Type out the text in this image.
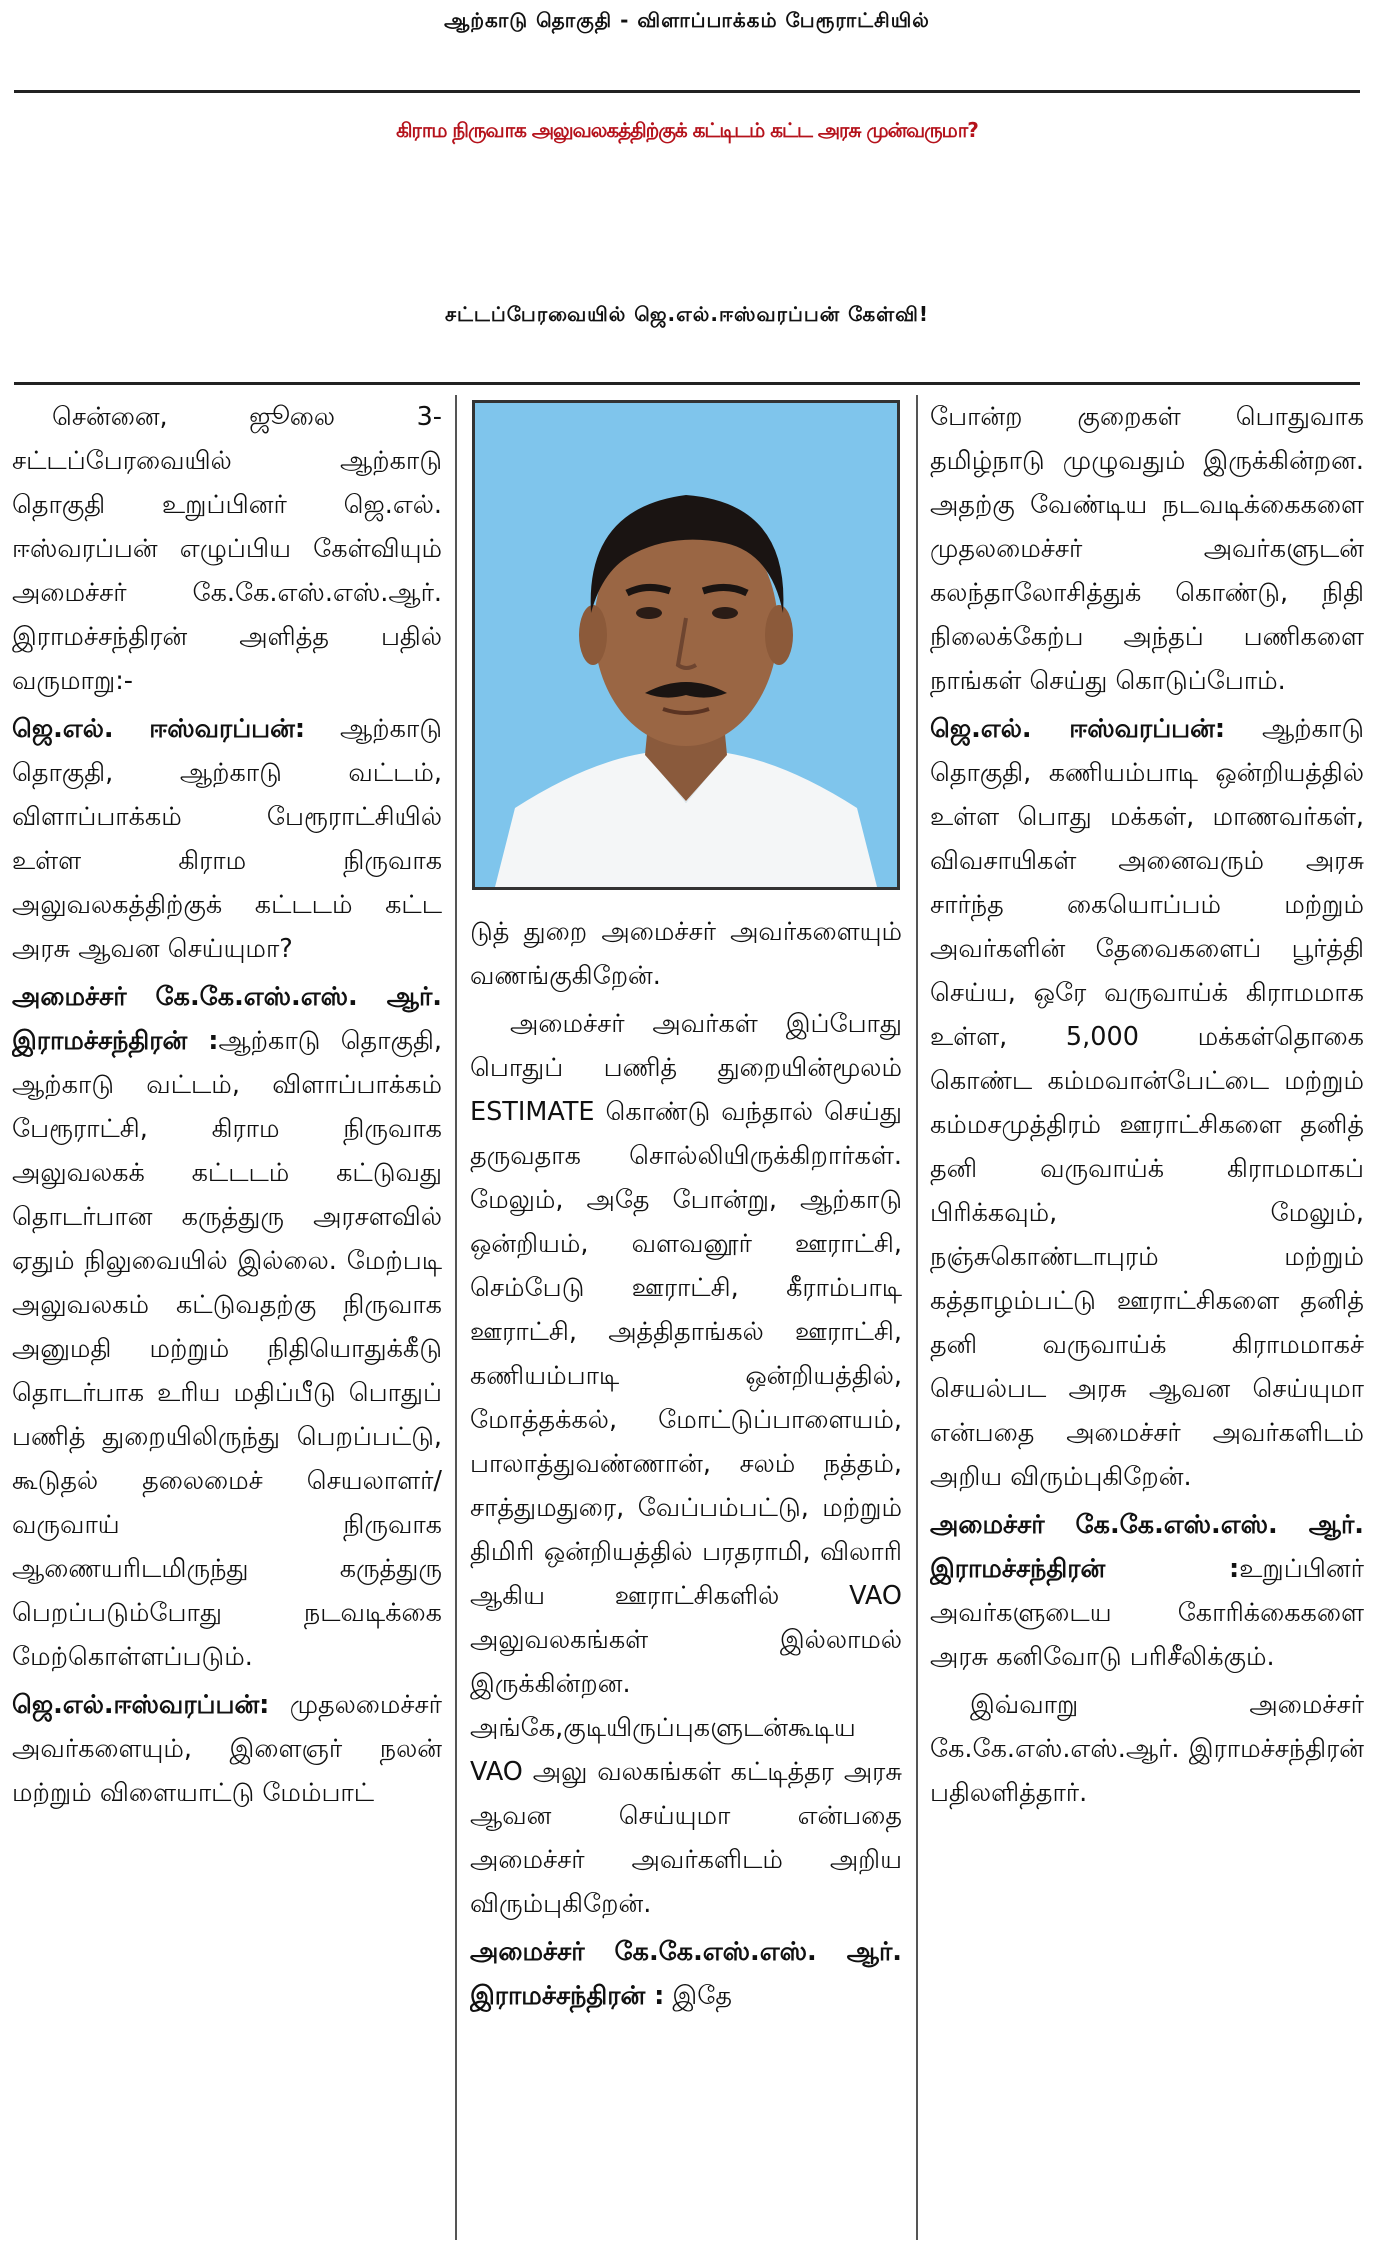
ஆற்காடு தொகுதி - விளாப்பாக்கம் பேரூராட்சியில்
கிராம நிருவாக அலுவலகத்திற்குக் கட்டிடம் கட்ட அரசு முன்வருமா?
சட்டப்பேரவையில் ஜெ.எல்.ஈஸ்வரப்பன் கேள்வி!

சென்னை, ஜூலை 3- சட்டப்பேரவையில் ஆற்காடு தொகுதி உறுப்பினர் ஜெ.எல். ஈஸ்வரப்பன் எழுப்பிய கேள்வியும் அமைச்சர் கே.கே.எஸ்.எஸ்.ஆர். இராமச்சந்திரன் அளித்த பதில் வருமாறு:-

ஜெ.எல். ஈஸ்வரப்பன்: ஆற்காடு தொகுதி, ஆற்காடு வட்டம், விளாப்பாக்கம் பேரூராட்சியில் உள்ள கிராம நிருவாக அலுவலகத்திற்குக் கட்டடம் கட்ட அரசு ஆவன செய்யுமா?

அமைச்சர் கே.கே.எஸ்.எஸ். ஆர். இராமச்சந்திரன் :ஆற்காடு தொகுதி, ஆற்காடு வட்டம், விளாப்பாக்கம் பேரூராட்சி, கிராம நிருவாக அலுவலகக் கட்டடம் கட்டுவது தொடர்பான கருத்துரு அரசளவில் ஏதும் நிலுவையில் இல்லை. மேற்படி அலுவலகம் கட்டுவதற்கு நிருவாக அனுமதி மற்றும் நிதியொதுக்கீடு தொடர்பாக உரிய மதிப்பீடு பொதுப் பணித் துறையிலிருந்து பெறப்பட்டு, கூடுதல் தலைமைச் செயலாளர்/வருவாய் நிருவாக ஆணையரிடமிருந்து கருத்துரு பெறப்படும்போது நடவடிக்கை மேற்கொள்ளப்படும்.

ஜெ.எல்.ஈஸ்வரப்பன்: முதலமைச்சர் அவர்களையும், இளைஞர் நலன் மற்றும் விளையாட்டு மேம்பாட்

டுத் துறை அமைச்சர் அவர்களையும் வணங்குகிறேன்.

அமைச்சர் அவர்கள் இப்போது பொதுப் பணித் துறையின்மூலம் ESTIMATE கொண்டு வந்தால் செய்து தருவதாக சொல்லியிருக்கிறார்கள். மேலும், அதே போன்று, ஆற்காடு ஒன்றியம், வளவனூர் ஊராட்சி, செம்பேடு ஊராட்சி, கீராம்பாடி ஊராட்சி, அத்திதாங்கல் ஊராட்சி, கணியம்பாடி ஒன்றியத்தில், மோத்தக்கல், மோட்டுப்பாளையம், பாலாத்துவண்ணான், சலம் நத்தம், சாத்துமதுரை, வேப்பம்பட்டு, மற்றும் திமிரி ஒன்றியத்தில் பரதராமி, விலாரி ஆகிய ஊராட்சிகளில் VAO அலுவலகங்கள் இல்லாமல் இருக்கின்றன. அங்கே,குடியிருப்புகளுடன்கூடிய VAO அலு வலகங்கள் கட்டித்தர அரசு ஆவன செய்யுமா என்பதை அமைச்சர் அவர்களிடம் அறிய விரும்புகிறேன்.

அமைச்சர் கே.கே.எஸ்.எஸ். ஆர். இராமச்சந்திரன் : இதே

போன்ற குறைகள் பொதுவாக தமிழ்நாடு முழுவதும் இருக்கின்றன. அதற்கு வேண்டிய நடவடிக்கைகளை முதலமைச்சர் அவர்களுடன் கலந்தாலோசித்துக் கொண்டு, நிதி நிலைக்கேற்ப அந்தப் பணிகளை நாங்கள் செய்து கொடுப்போம்.

ஜெ.எல். ஈஸ்வரப்பன்: ஆற்காடு தொகுதி, கணியம்பாடி ஒன்றியத்தில் உள்ள பொது மக்கள், மாணவர்கள், விவசாயிகள் அனைவரும் அரசு சார்ந்த கையொப்பம் மற்றும் அவர்களின் தேவைகளைப் பூர்த்தி செய்ய, ஒரே வருவாய்க் கிராமமாக உள்ள, 5,000 மக்கள்தொகை கொண்ட கம்மவான்பேட்டை மற்றும் கம்மசமுத்திரம் ஊராட்சிகளை தனித் தனி வருவாய்க் கிராமமாகப் பிரிக்கவும், மேலும், நஞ்சுகொண்டாபுரம் மற்றும் கத்தாழம்பட்டு ஊராட்சிகளை தனித் தனி வருவாய்க் கிராமமாகச் செயல்பட அரசு ஆவன செய்யுமா என்பதை அமைச்சர் அவர்களிடம் அறிய விரும்புகிறேன்.

அமைச்சர் கே.கே.எஸ்.எஸ். ஆர். இராமச்சந்திரன் :உறுப்பினர் அவர்களுடைய கோரிக்கைகளை அரசு கனிவோடு பரிசீலிக்கும்.

இவ்வாறு அமைச்சர் கே.கே.எஸ்.எஸ்.ஆர். இராமச்சந்திரன் பதிலளித்தார்.
